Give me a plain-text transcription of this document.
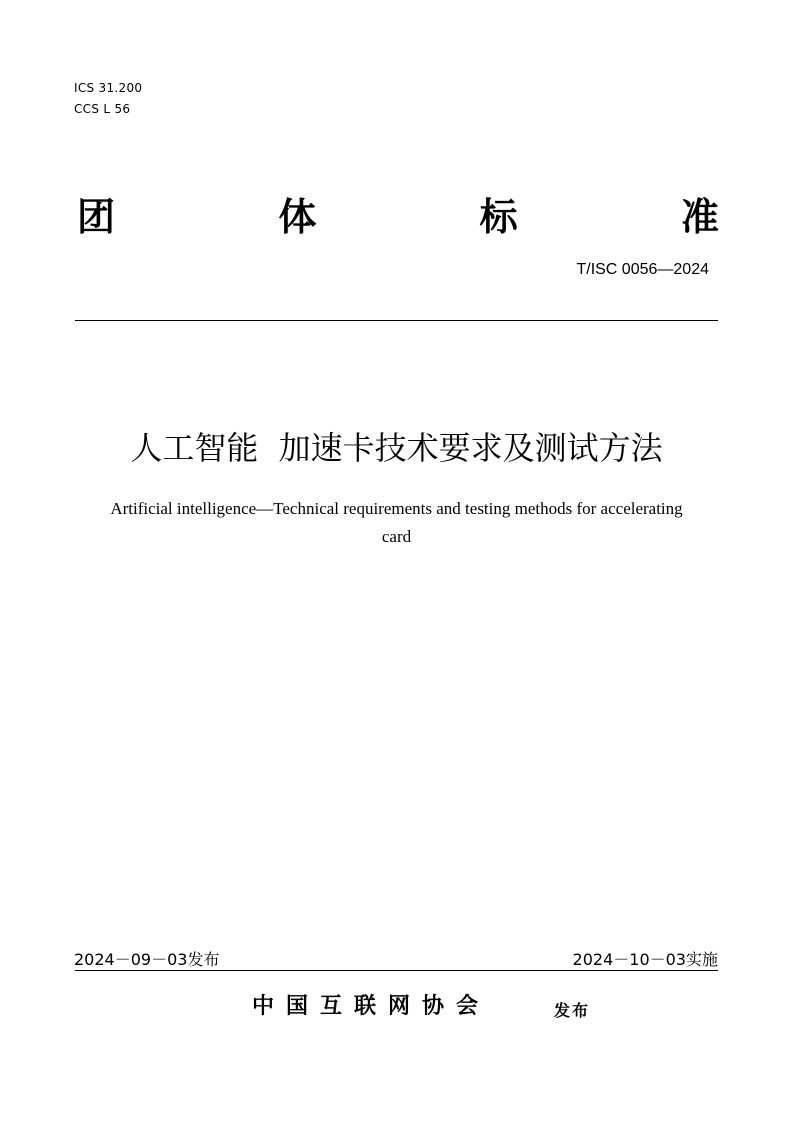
ICS 31.200
CCS L 56
团	体	标	准
T/ISC 0056—2024
人工智能  加速卡技术要求及测试方法
Artificial intelligence—Technical requirements and testing methods for accelerating card
2024－09－03发布	2024－10－03实施
中国互联网协会	发布
